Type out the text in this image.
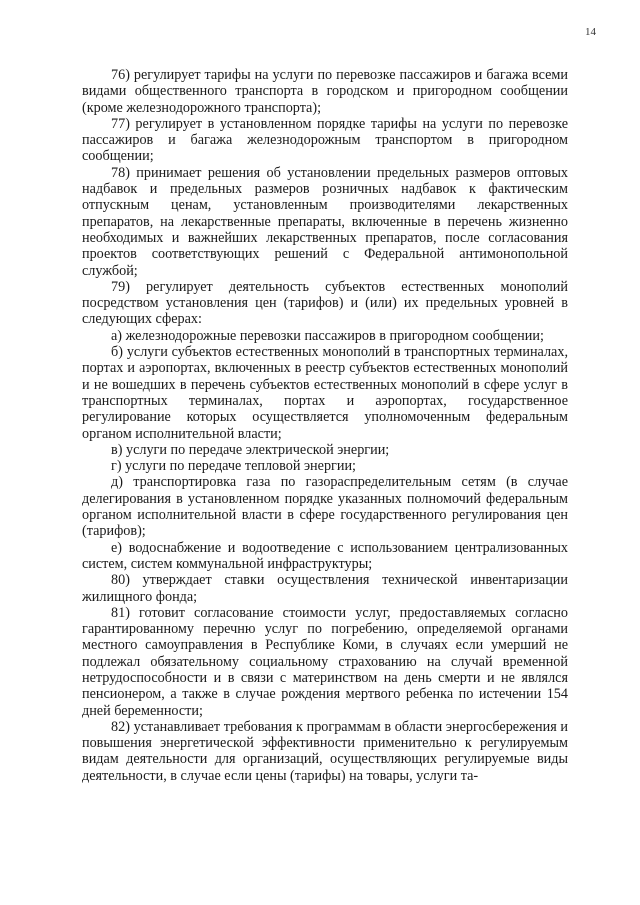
14

76) регулирует тарифы на услуги по перевозке пассажиров и багажа всеми видами общественного транспорта в городском и пригородном сообщении (кроме железнодорожного транспорта);

77) регулирует в установленном порядке тарифы на услуги по перевозке пассажиров и багажа железнодорожным транспортом в пригородном сообщении;

78) принимает решения об установлении предельных размеров оптовых надбавок и предельных размеров розничных надбавок к фактическим отпускным ценам, установленным производителями лекарственных препаратов, на лекарственные препараты, включенные в перечень жизненно необходимых и важнейших лекарственных препаратов, после согласования проектов соответствующих решений с Федеральной антимонопольной службой;

79) регулирует деятельность субъектов естественных монополий посредством установления цен (тарифов) и (или) их предельных уровней в следующих сферах:

а) железнодорожные перевозки пассажиров в пригородном сообщении;

б) услуги субъектов естественных монополий в транспортных терминалах, портах и аэропортах, включенных в реестр субъектов естественных монополий и не вошедших в перечень субъектов естественных монополий в сфере услуг в транспортных терминалах, портах и аэропортах, государственное регулирование которых осуществляется уполномоченным федеральным органом исполнительной власти;

в) услуги по передаче электрической энергии;

г) услуги по передаче тепловой энергии;

д) транспортировка газа по газораспределительным сетям (в случае делегирования в установленном порядке указанных полномочий федеральным органом исполнительной власти в сфере государственного регулирования цен (тарифов);

е) водоснабжение и водоотведение с использованием централизованных систем, систем коммунальной инфраструктуры;

80) утверждает ставки осуществления технической инвентаризации жилищного фонда;

81) готовит согласование стоимости услуг, предоставляемых согласно гарантированному перечню услуг по погребению, определяемой органами местного самоуправления в Республике Коми, в случаях если умерший не подлежал обязательному социальному страхованию на случай временной нетрудоспособности и в связи с материнством на день смерти и не являлся пенсионером, а также в случае рождения мертвого ребенка по истечении 154 дней беременности;

82) устанавливает требования к программам в области энергосбережения и повышения энергетической эффективности применительно к регулируемым видам деятельности для организаций, осуществляющих регулируемые виды деятельности, в случае если цены (тарифы) на товары, услуги та-
